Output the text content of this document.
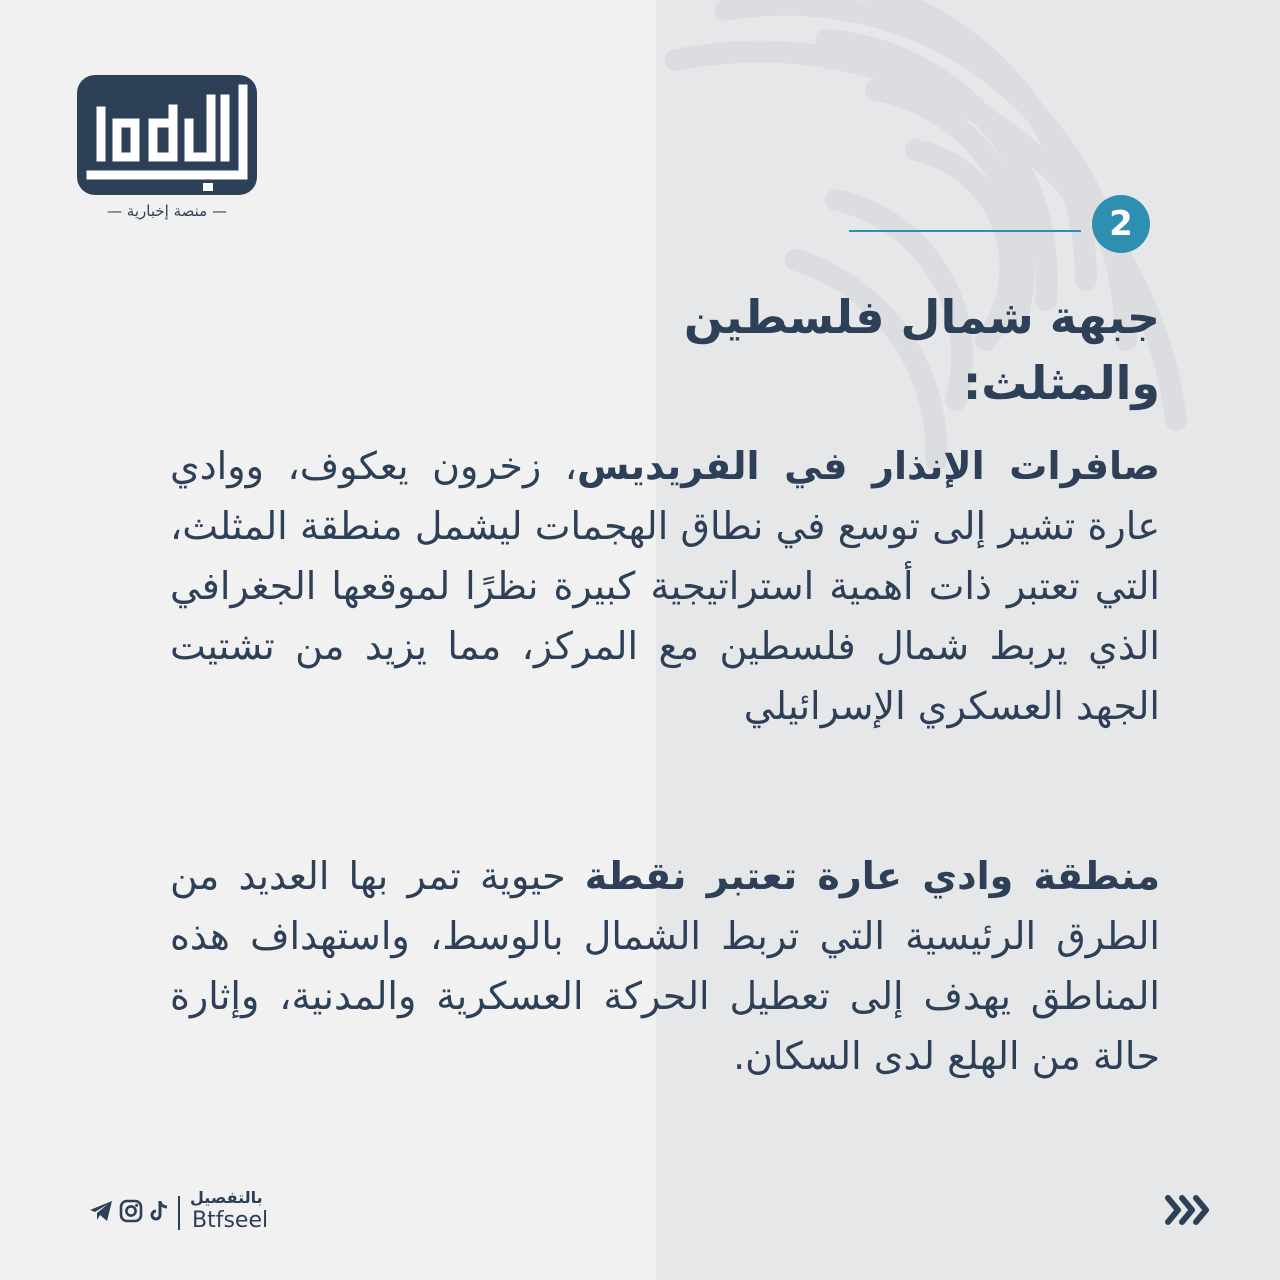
— منصة إخبارية —	2
جبهة شمال فلسطين
والمثلث:

صافرات الإنذار في الفريديس، زخرون يعكوف، ووادي عارة تشير إلى توسع في نطاق الهجمات ليشمل منطقة المثلث، التي تعتبر ذات أهمية استراتيجية كبيرة نظرًا لموقعها الجغرافي الذي يربط شمال فلسطين مع المركز، مما يزيد من تشتيت الجهد العسكري الإسرائيلي

منطقة وادي عارة تعتبر نقطة حيوية تمر بها العديد من الطرق الرئيسية التي تربط الشمال بالوسط، واستهداف هذه المناطق يهدف إلى تعطيل الحركة العسكرية والمدنية، وإثارة حالة من الهلع لدى السكان.

بالتفصيل
Btfseel
